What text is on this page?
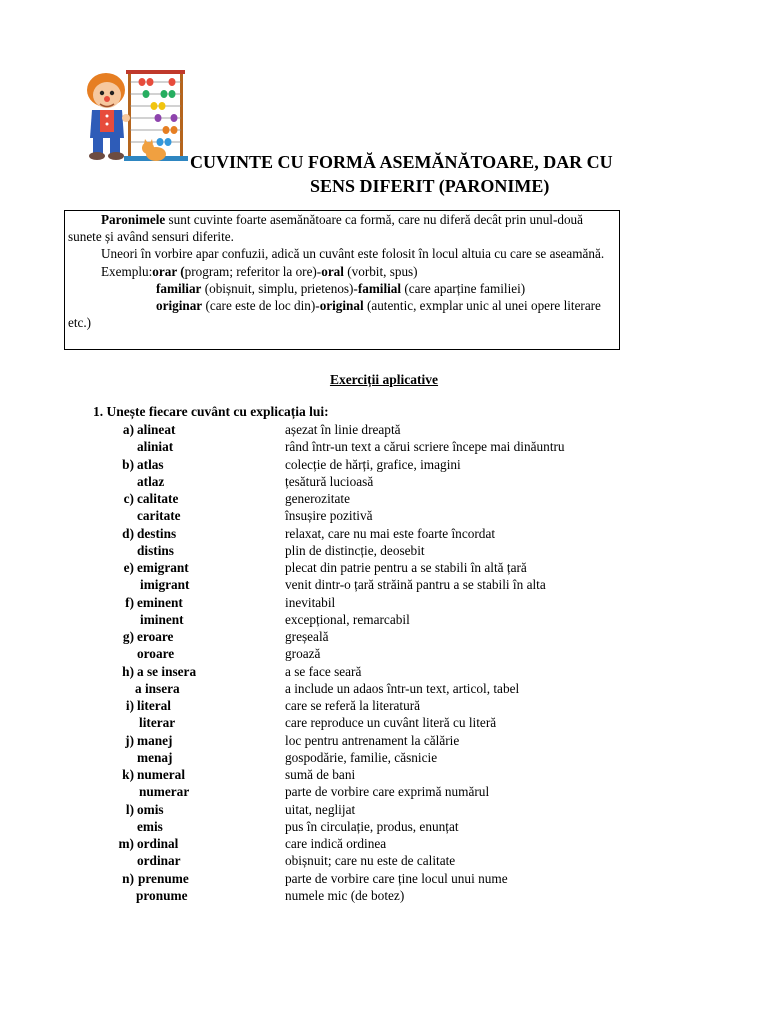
CUVINTE CU FORMĂ ASEMĂNĂTOARE, DAR CU
SENS DIFERIT (PARONIME)

Paronimele sunt cuvinte foarte asemănătoare ca formă, care nu diferă decât prin unul-două sunete și având sensuri diferite.

Uneori în vorbire apar confuzii, adică un cuvânt este folosit în locul altuia cu care se aseamănă.

Exemplu:orar (program; referitor la ore)-oral (vorbit, spus)

familiar (obișnuit, simplu, prietenos)-familial (care aparține familiei)

originar (care este de loc din)-original (autentic, exmplar unic al unei opere literare etc.)

Exerciții aplicative
1. Unește fiecare cuvânt cu explicația lui:
a) alineat	așezat în linie dreaptă
aliniat	rând într-un text a cărui scriere începe mai dinăuntru
b) atlas	colecție de hărți, grafice, imagini
atlaz	țesătură lucioasă
c) calitate	generozitate
caritate	însușire pozitivă
d) destins	relaxat, care nu mai este foarte încordat
distins	plin de distincție, deosebit
e) emigrant	plecat din patrie pentru a se stabili în altă țară
imigrant	venit dintr-o țară străină pantru a se stabili în alta
f) eminent	inevitabil
iminent	excepțional, remarcabil
g) eroare	greșeală
oroare	groază
h) a se insera	a se face seară
a insera	a include un adaos într-un text, articol, tabel
i) literal	care se referă la literatură
literar	care reproduce un cuvânt literă cu literă
j) manej	loc pentru antrenament la călărie
menaj	gospodărie, familie, căsnicie
k) numeral	sumă de bani
numerar	parte de vorbire care exprimă numărul
l) omis	uitat, neglijat
emis	pus în circulație, produs, enunțat
m) ordinal	care indică ordinea
ordinar	obișnuit; care nu este de calitate
n) prenume	parte de vorbire care ține locul unui nume
pronume	numele mic (de botez)
